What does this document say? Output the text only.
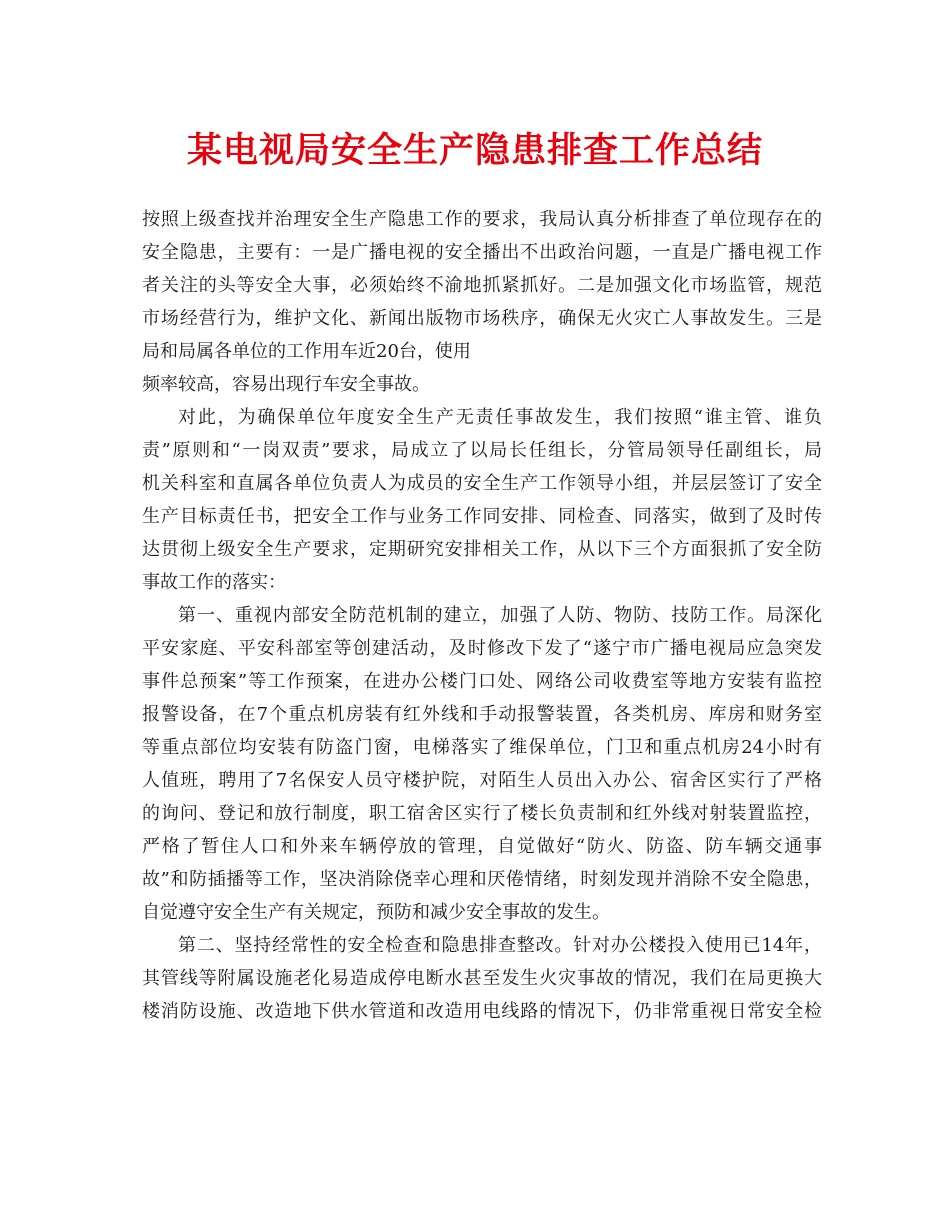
某电视局安全生产隐患排查工作总结
按照上级查找并治理安全生产隐患工作的要求，我局认真分析排查了单位现存在的
安全隐患，主要有：一是广播电视的安全播出不出政治问题，一直是广播电视工作
者关注的头等安全大事，必须始终不渝地抓紧抓好。二是加强文化市场监管，规范
市场经营行为，维护文化、新闻出版物市场秩序，确保无火灾亡人事故发生。三是
局和局属各单位的工作用车近20台，使用
频率较高，容易出现行车安全事故。
对此，为确保单位年度安全生产无责任事故发生，我们按照“谁主管、谁负
责”原则和“一岗双责”要求，局成立了以局长任组长，分管局领导任副组长，局
机关科室和直属各单位负责人为成员的安全生产工作领导小组，并层层签订了安全
生产目标责任书，把安全工作与业务工作同安排、同检查、同落实，做到了及时传
达贯彻上级安全生产要求，定期研究安排相关工作，从以下三个方面狠抓了安全防
事故工作的落实：
第一、重视内部安全防范机制的建立，加强了人防、物防、技防工作。局深化
平安家庭、平安科部室等创建活动，及时修改下发了“遂宁市广播电视局应急突发
事件总预案”等工作预案，在进办公楼门口处、网络公司收费室等地方安装有监控
报警设备，在7个重点机房装有红外线和手动报警装置，各类机房、库房和财务室
等重点部位均安装有防盗门窗，电梯落实了维保单位，门卫和重点机房24小时有
人值班，聘用了7名保安人员守楼护院，对陌生人员出入办公、宿舍区实行了严格
的询问、登记和放行制度，职工宿舍区实行了楼长负责制和红外线对射装置监控，
严格了暂住人口和外来车辆停放的管理，自觉做好“防火、防盗、防车辆交通事
故”和防插播等工作，坚决消除侥幸心理和厌倦情绪，时刻发现并消除不安全隐患，
自觉遵守安全生产有关规定，预防和减少安全事故的发生。
第二、坚持经常性的安全检查和隐患排查整改。针对办公楼投入使用已14年，
其管线等附属设施老化易造成停电断水甚至发生火灾事故的情况，我们在局更换大
楼消防设施、改造地下供水管道和改造用电线路的情况下，仍非常重视日常安全检
